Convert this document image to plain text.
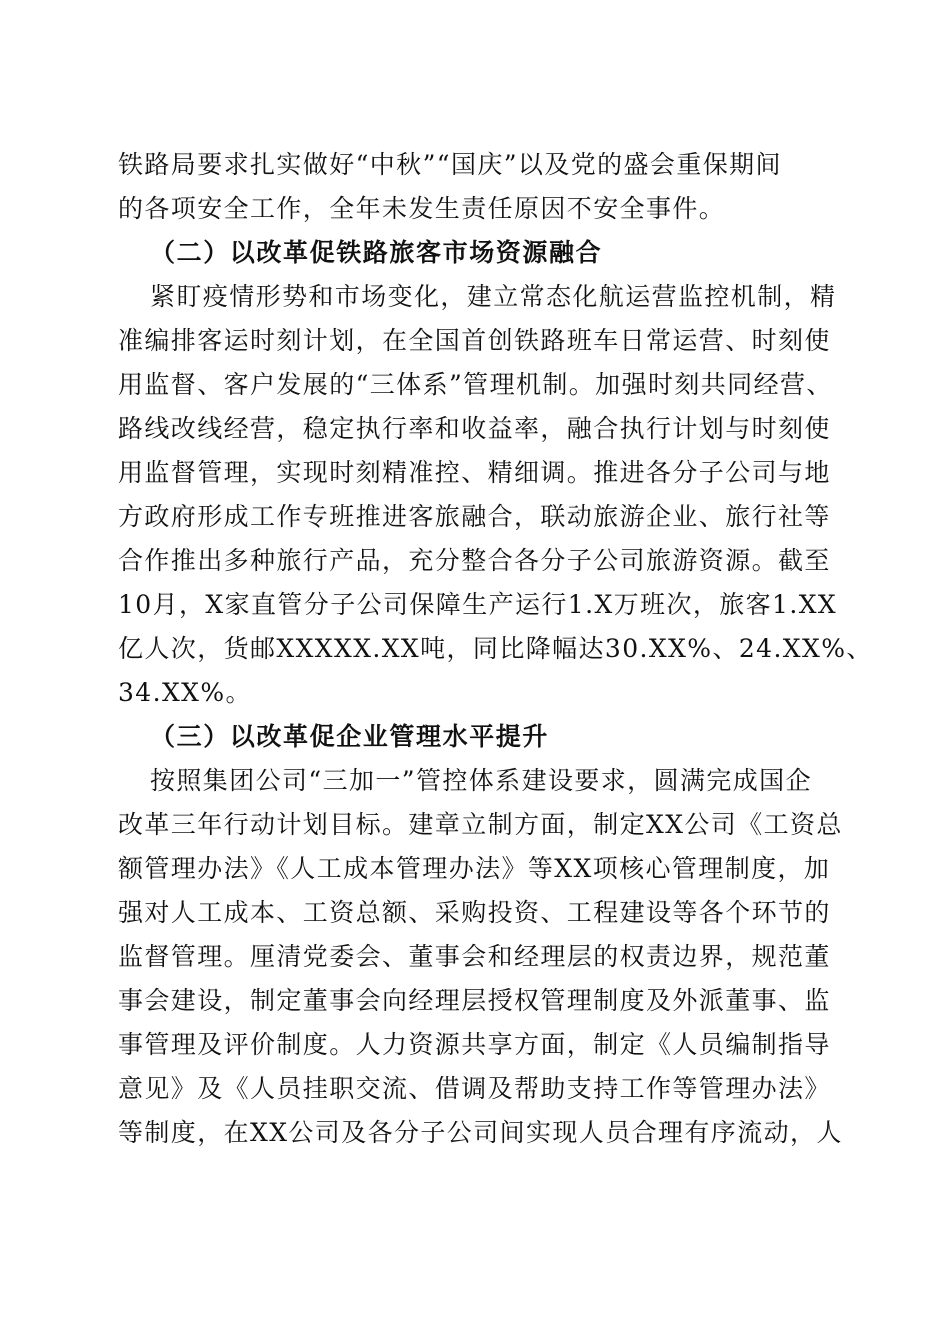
铁路局要求扎实做好“中秋”“国庆”以及党的盛会重保期间
的各项安全工作，全年未发生责任原因不安全事件。
（二）以改革促铁路旅客市场资源融合
紧盯疫情形势和市场变化，建立常态化航运营监控机制，精
准编排客运时刻计划，在全国首创铁路班车日常运营、时刻使
用监督、客户发展的“三体系”管理机制。加强时刻共同经营、
路线改线经营，稳定执行率和收益率，融合执行计划与时刻使
用监督管理，实现时刻精准控、精细调。推进各分子公司与地
方政府形成工作专班推进客旅融合，联动旅游企业、旅行社等
合作推出多种旅行产品，充分整合各分子公司旅游资源。截至
10月，X家直管分子公司保障生产运行1.X万班次，旅客1.XX
亿人次，货邮XXXXX.XX吨，同比降幅达30.XX%、24.XX%、
34.XX%。
（三）以改革促企业管理水平提升
按照集团公司“三加一”管控体系建设要求，圆满完成国企
改革三年行动计划目标。建章立制方面，制定XX公司《工资总
额管理办法》《人工成本管理办法》等XX项核心管理制度，加
强对人工成本、工资总额、采购投资、工程建设等各个环节的
监督管理。厘清党委会、董事会和经理层的权责边界，规范董
事会建设，制定董事会向经理层授权管理制度及外派董事、监
事管理及评价制度。人力资源共享方面，制定《人员编制指导
意见》及《人员挂职交流、借调及帮助支持工作等管理办法》
等制度，在XX公司及各分子公司间实现人员合理有序流动，人
